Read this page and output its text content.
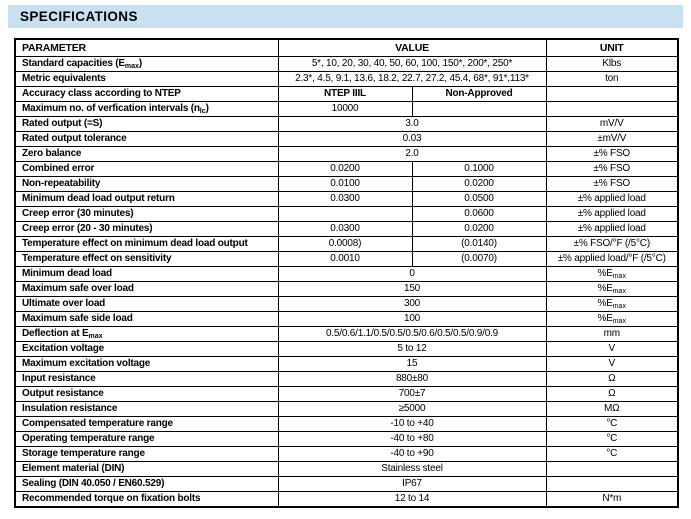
SPECIFICATIONS
PARAMETER	VALUE		UNIT
Standard capacities $(E_{max})$	5*, 10, 20, 30, 40, 50, 60, 100, 150*, 200*, 250*		Klbs
Metric equivalents	2.3*, 4.5, 9.1, 13.6, 18.2, 22.7, 27.2, 45.4, 68*, 91*,113*		ton
Accuracy class according to NTEP	NTEP IIIL	Non-Approved	
Maximum no. of verfication intervals $(n_{lc})$	10000		
Rated output (=S)	3.0		mV/V
Rated output tolerance	0.03		±mV/V
Zero balance	2.0		±% FSO
Combined error	0.0200	0.1000	±% FSO
Non-repeatability	0.0100	0.0200	±% FSO
Minimum dead load output return	0.0300	0.0500	±% applied load
Creep error (30 minutes)		0.0600	±% applied load
Creep error (20 - 30 minutes)	0.0300	0.0200	±% applied load
Temperature effect on minimum dead load output	0.0008)	(0.0140)	±% FSO/°F (/5°C)
Temperature effect on sensitivity	0.0010	(0.0070)	±% applied load/°F (/5°C)
Minimum dead load	0		$\%E_{max}$
Maximum safe over load	150		$\%E_{max}$
Ultimate over load	300		$\%E_{max}$
Maximum safe side load	100		$\%E_{max}$
Deflection at $E_{max}$	0.5/0.6/1.1/0.5/0.5/0.5/0.6/0.5/0.5/0.9/0.9		mm
Excitation voltage	5 to 12		V
Maximum excitation voltage	15		V
Input resistance	880±80		Ω
Output resistance	700±7		Ω
Insulation resistance	≥5000		MΩ
Compensated temperature range	-10 to +40		°C
Operating temperature range	-40 to +80		°C
Storage temperature range	-40 to +90		°C
Element material (DIN)	Stainless steel		
Sealing (DIN 40.050 / EN60.529)	IP67		
Recommended torque on fixation bolts	12 to 14		N*m
